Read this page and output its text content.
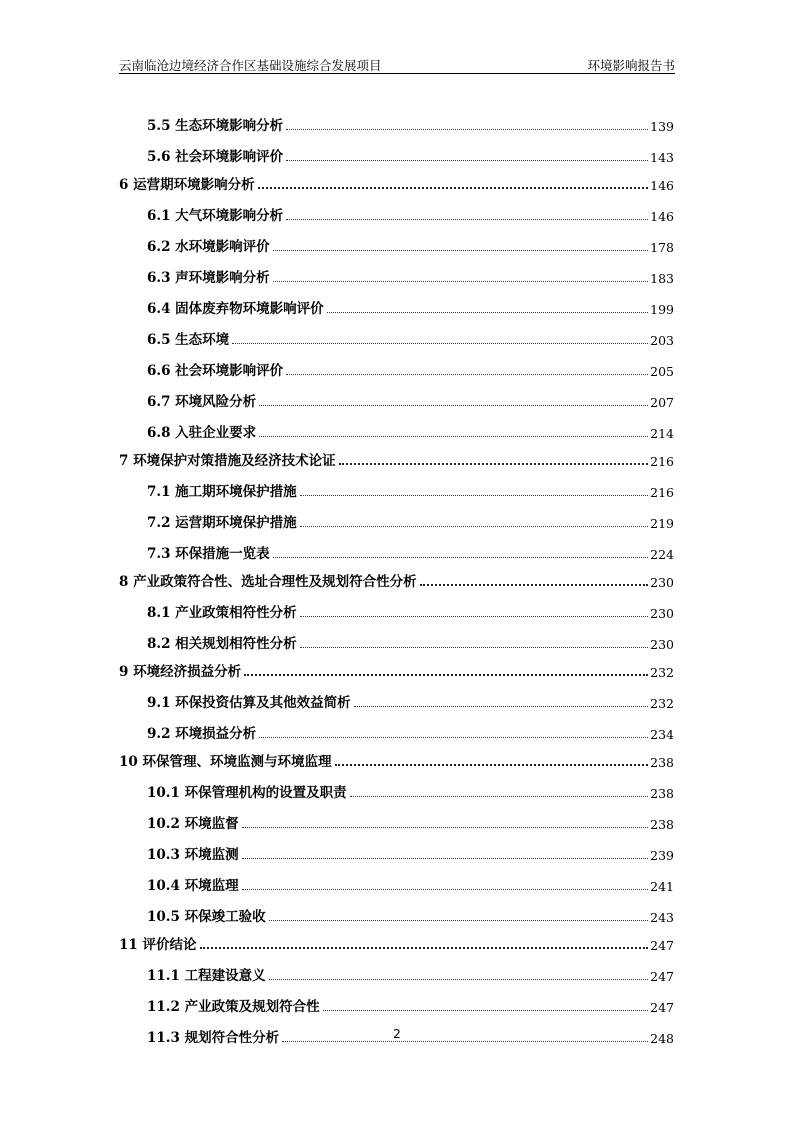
云南临沧边境经济合作区基础设施综合发展项目	环境影响报告书
5.5 生态环境影响分析	139
5.6 社会环境影响评价	143
6 运营期环境影响分析	146
6.1 大气环境影响分析	146
6.2 水环境影响评价	178
6.3 声环境影响分析	183
6.4 固体废弃物环境影响评价	199
6.5 生态环境	203
6.6 社会环境影响评价	205
6.7 环境风险分析	207
6.8 入驻企业要求	214
7 环境保护对策措施及经济技术论证	216
7.1 施工期环境保护措施	216
7.2 运营期环境保护措施	219
7.3 环保措施一览表	224
8 产业政策符合性、选址合理性及规划符合性分析	230
8.1 产业政策相符性分析	230
8.2 相关规划相符性分析	230
9 环境经济损益分析	232
9.1 环保投资估算及其他效益简析	232
9.2 环境损益分析	234
10 环保管理、环境监测与环境监理	238
10.1 环保管理机构的设置及职责	238
10.2 环境监督	238
10.3 环境监测	239
10.4 环境监理	241
10.5 环保竣工验收	243
11 评价结论	247
11.1 工程建设意义	247
11.2 产业政策及规划符合性	247
11.3 规划符合性分析	248
2
